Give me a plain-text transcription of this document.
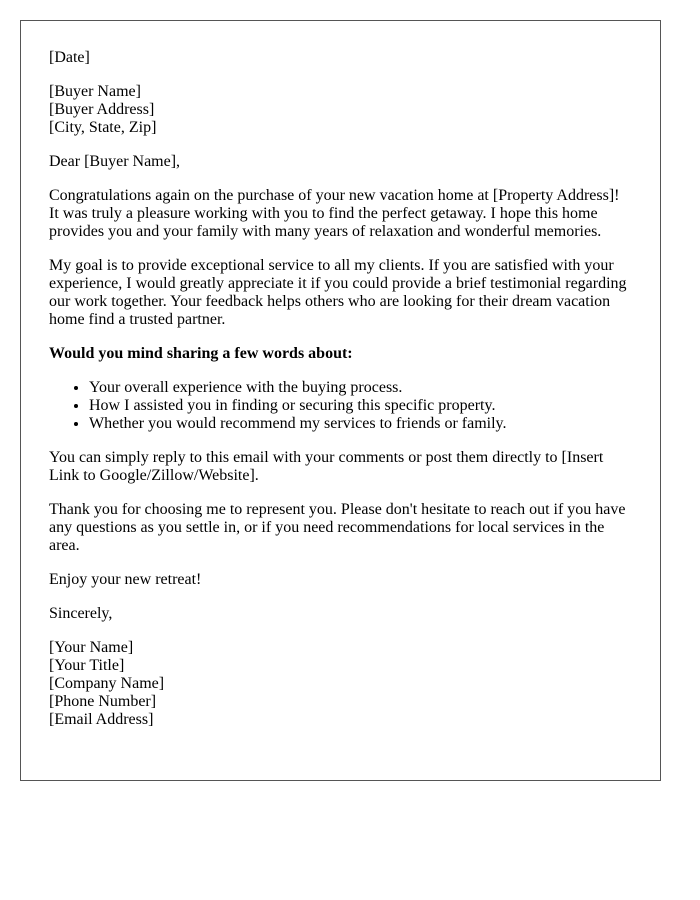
[Date]

[Buyer Name]
[Buyer Address]
[City, State, Zip]

Dear [Buyer Name],

Congratulations again on the purchase of your new vacation home at [Property Address]! It was truly a pleasure working with you to find the perfect getaway. I hope this home provides you and your family with many years of relaxation and wonderful memories.

My goal is to provide exceptional service to all my clients. If you are satisfied with your experience, I would greatly appreciate it if you could provide a brief testimonial regarding our work together. Your feedback helps others who are looking for their dream vacation home find a trusted partner.

Would you mind sharing a few words about:

• Your overall experience with the buying process.
• How I assisted you in finding or securing this specific property.
• Whether you would recommend my services to friends or family.

You can simply reply to this email with your comments or post them directly to [Insert Link to Google/Zillow/Website].

Thank you for choosing me to represent you. Please don't hesitate to reach out if you have any questions as you settle in, or if you need recommendations for local services in the area.

Enjoy your new retreat!

Sincerely,

[Your Name]
[Your Title]
[Company Name]
[Phone Number]
[Email Address]
